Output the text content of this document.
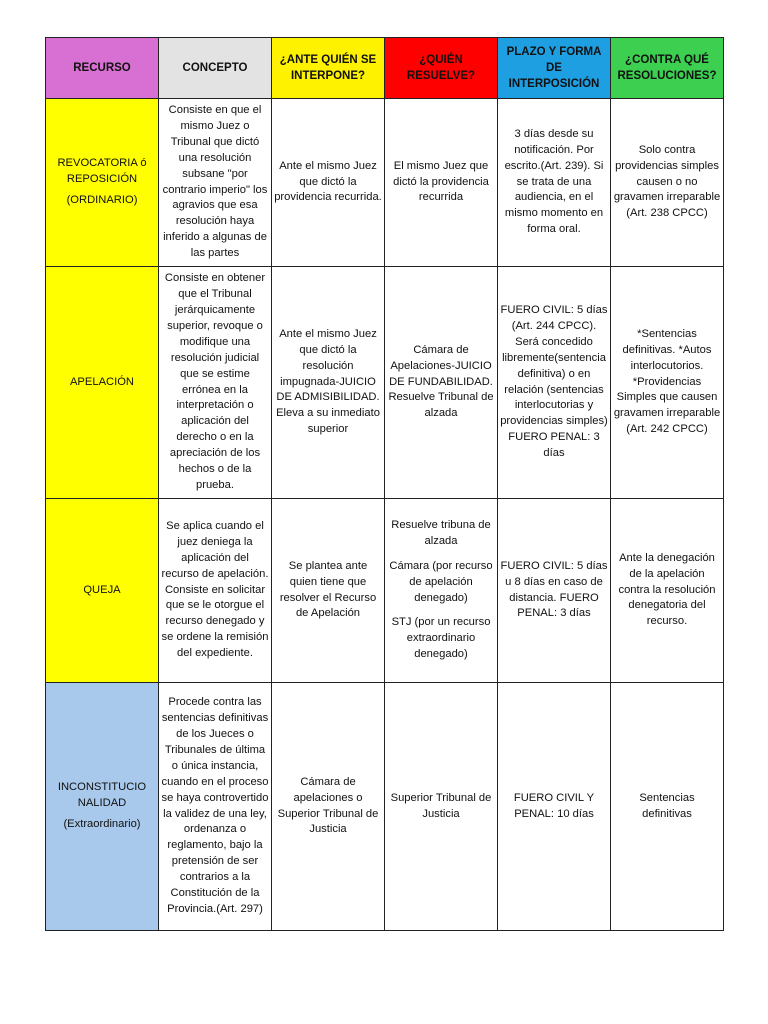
RECURSO	CONCEPTO	¿ANTE QUIÉN SE INTERPONE?	¿QUIÉN RESUELVE?	PLAZO Y FORMA DE INTERPOSICIÓN	¿CONTRA QUÉ RESOLUCIONES?

REVOCATORIA ó REPOSICIÓN
(ORDINARIO)	Consiste en que el mismo Juez o Tribunal que dictó una resolución subsane "por contrario imperio" los agravios que esa resolución haya inferido a algunas de las partes	Ante el mismo Juez que dictó la providencia recurrida.	El mismo Juez que dictó la providencia recurrida	3 días desde su notificación. Por escrito.(Art. 239). Si se trata de una audiencia, en el mismo momento en forma oral.	Solo contra providencias simples causen o no gravamen irreparable (Art. 238 CPCC)

APELACIÓN	Consiste en obtener que el Tribunal jerárquicamente superior, revoque o modifique una resolución judicial que se estime errónea en la interpretación o aplicación del derecho o en la apreciación de los hechos o de la prueba.	Ante el mismo Juez que dictó la resolución impugnada-JUICIO DE ADMISIBILIDAD. Eleva a su inmediato superior	Cámara de Apelaciones-JUICIO DE FUNDABILIDAD. Resuelve Tribunal de alzada	FUERO CIVIL: 5 días (Art. 244 CPCC). Será concedido libremente(sentencia definitiva) o en relación (sentencias interlocutorias y providencias simples) FUERO PENAL: 3 días	*Sentencias definitivas. *Autos interlocutorios. *Providencias Simples que causen gravamen irreparable (Art. 242 CPCC)

QUEJA	Se aplica cuando el juez deniega la aplicación del recurso de apelación. Consiste en solicitar que se le otorgue el recurso denegado y se ordene la remisión del expediente.	Se plantea ante quien tiene que resolver el Recurso de Apelación	Resuelve tribuna de alzada
Cámara (por recurso de apelación denegado)
STJ (por un recurso extraordinario denegado)	FUERO CIVIL: 5 días u 8 días en caso de distancia. FUERO PENAL: 3 días	Ante la denegación de la apelación contra la resolución denegatoria del recurso.

INCONSTITUCIO NALIDAD
(Extraordinario)	Procede contra las sentencias definitivas de los Jueces o Tribunales de última o única instancia, cuando en el proceso se haya controvertido la validez de una ley, ordenanza o reglamento, bajo la pretensión de ser contrarios a la Constitución de la Provincia.(Art. 297)	Cámara de apelaciones o Superior Tribunal de Justicia	Superior Tribunal de Justicia	FUERO CIVIL Y PENAL: 10 días	Sentencias definitivas
